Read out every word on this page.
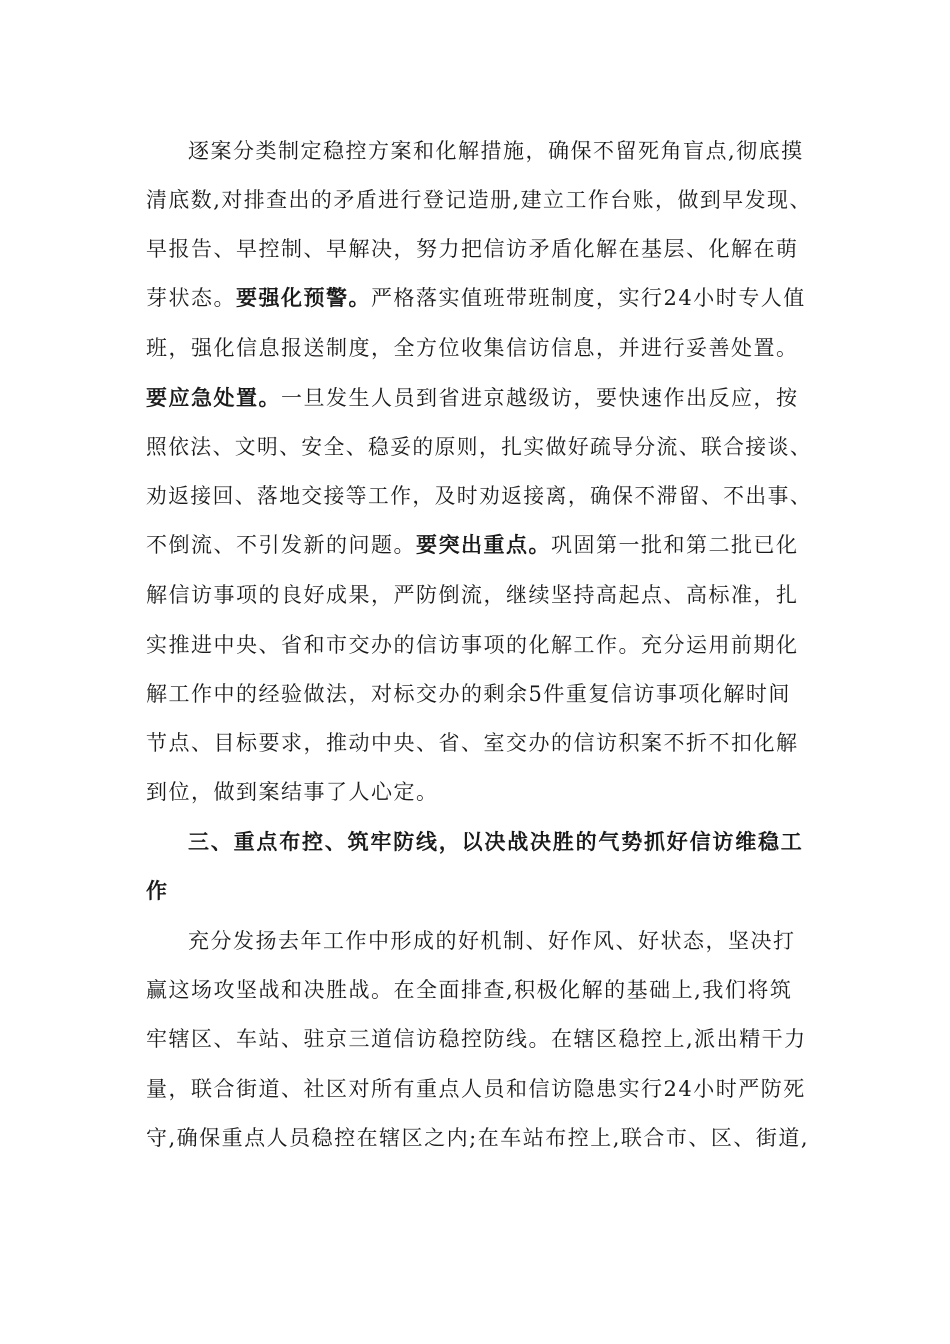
逐案分类制定稳控方案和化解措施，确保不留死角盲点,彻底摸
清底数,对排查出的矛盾进行登记造册,建立工作台账，做到早发现、
早报告、早控制、早解决，努力把信访矛盾化解在基层、化解在萌
芽状态。要强化预警。严格落实值班带班制度，实行24小时专人值
班，强化信息报送制度，全方位收集信访信息，并进行妥善处置。
要应急处置。一旦发生人员到省进京越级访，要快速作出反应，按
照依法、文明、安全、稳妥的原则，扎实做好疏导分流、联合接谈、
劝返接回、落地交接等工作，及时劝返接离，确保不滞留、不出事、
不倒流、不引发新的问题。要突出重点。巩固第一批和第二批已化
解信访事项的良好成果，严防倒流，继续坚持高起点、高标准，扎
实推进中央、省和市交办的信访事项的化解工作。充分运用前期化
解工作中的经验做法，对标交办的剩余5件重复信访事项化解时间
节点、目标要求，推动中央、省、室交办的信访积案不折不扣化解
到位，做到案结事了人心定。
三、重点布控、筑牢防线，以决战决胜的气势抓好信访维稳工
作
充分发扬去年工作中形成的好机制、好作风、好状态，坚决打
赢这场攻坚战和决胜战。在全面排查,积极化解的基础上,我们将筑
牢辖区、车站、驻京三道信访稳控防线。在辖区稳控上,派出精干力
量，联合街道、社区对所有重点人员和信访隐患实行24小时严防死
守,确保重点人员稳控在辖区之内;在车站布控上,联合市、区、街道,
